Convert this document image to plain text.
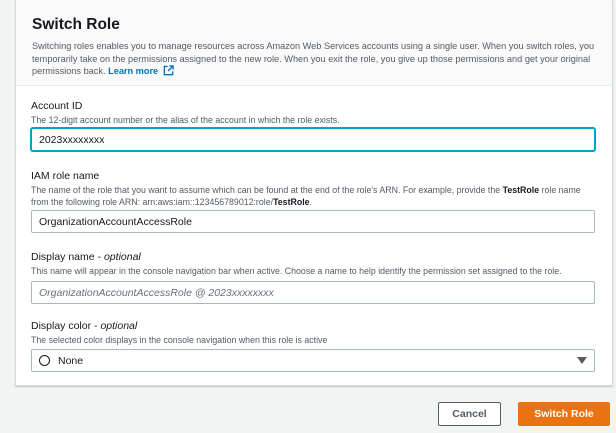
Switch Role
Switching roles enables you to manage resources across Amazon Web Services accounts using a single user. When you switch roles, you temporarily take on the permissions assigned to the new role. When you exit the role, you give up those permissions and get your original permissions back. Learn more
Account ID
The 12-digit account number or the alias of the account in which the role exists.
2023xxxxxxxx
IAM role name
The name of the role that you want to assume which can be found at the end of the role's ARN. For example, provide the TestRole role name from the following role ARN: arn:aws:iam::123456789012:role/TestRole.
OrganizationAccountAccessRole
Display name - optional
This name will appear in the console navigation bar when active. Choose a name to help identify the permission set assigned to the role.
OrganizationAccountAccessRole @ 2023xxxxxxxx
Display color - optional
The selected color displays in the console navigation when this role is active
None
Cancel	Switch Role
